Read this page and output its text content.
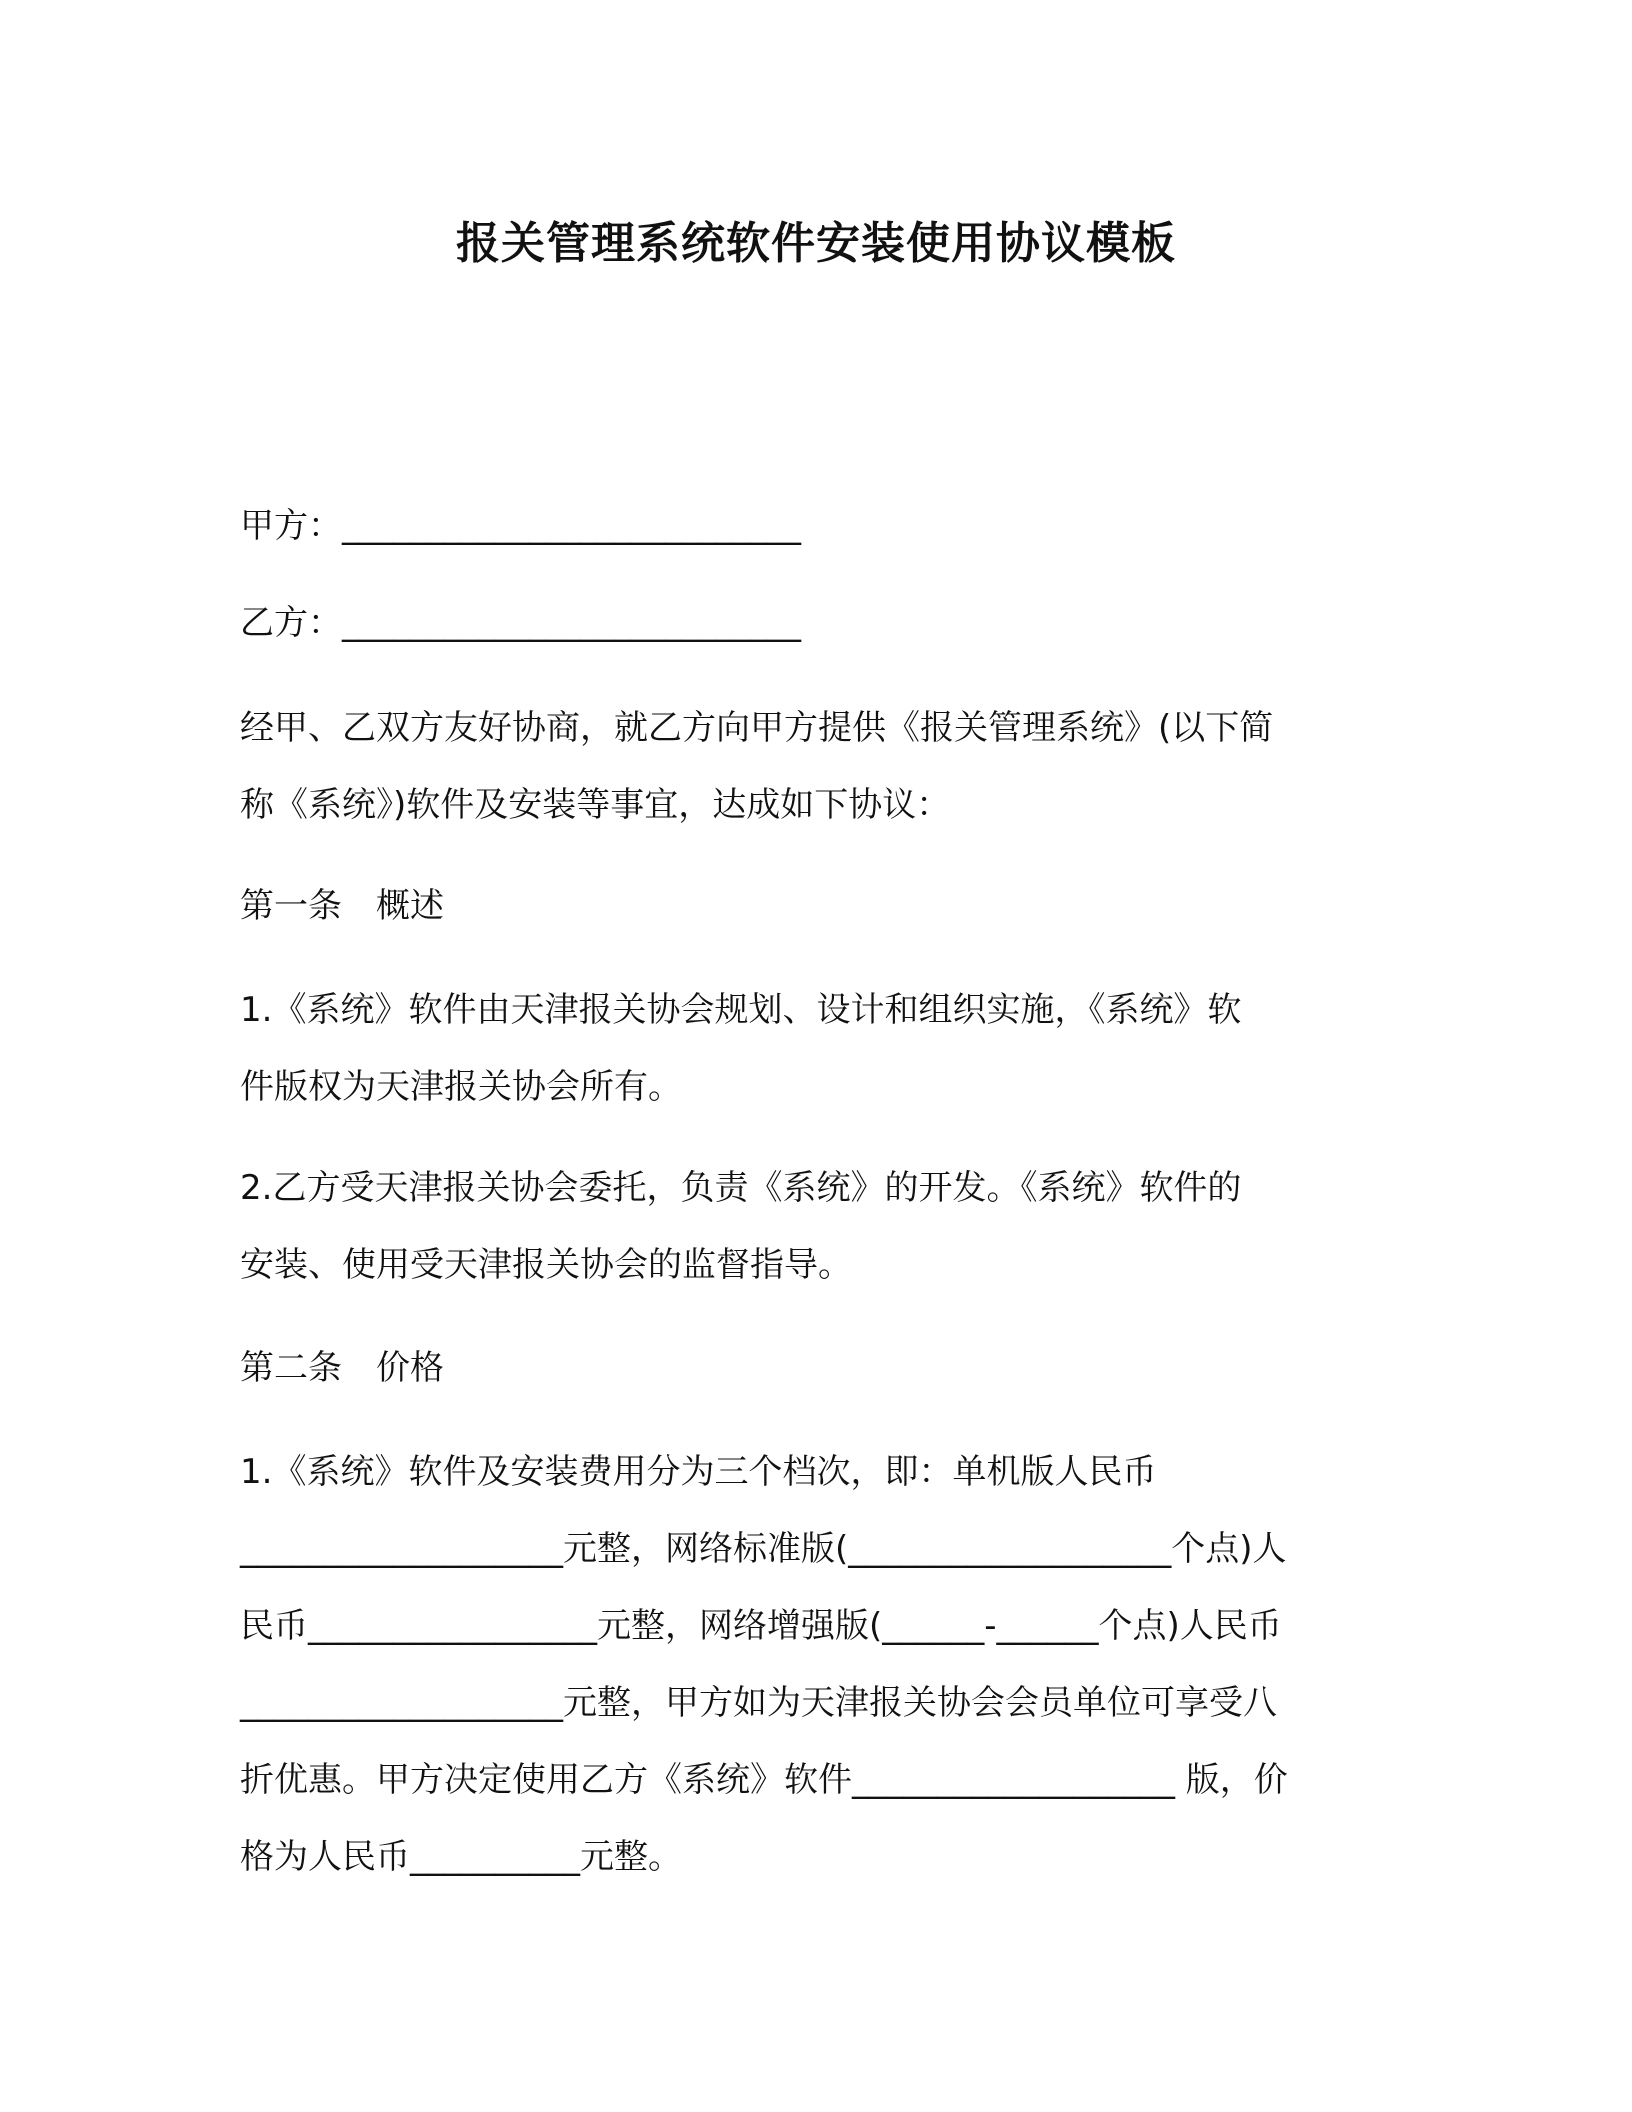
报关管理系统软件安装使用协议模板
甲方：___________________________
乙方：___________________________
经甲、乙双方友好协商，就乙方向甲方提供《报关管理系统》(以下简
称《系统》)软件及安装等事宜，达成如下协议：
第一条　概述
1.《系统》软件由天津报关协会规划、设计和组织实施，《系统》软
件版权为天津报关协会所有。
2.乙方受天津报关协会委托，负责《系统》的开发。《系统》软件的
安装、使用受天津报关协会的监督指导。
第二条　价格
1.《系统》软件及安装费用分为三个档次，即：单机版人民币
___________________元整，网络标准版(___________________个点)人
民币_________________元整，网络增强版(______-______个点)人民币
___________________元整，甲方如为天津报关协会会员单位可享受八
折优惠。甲方决定使用乙方《系统》软件___________________ 版，价
格为人民币__________元整。
